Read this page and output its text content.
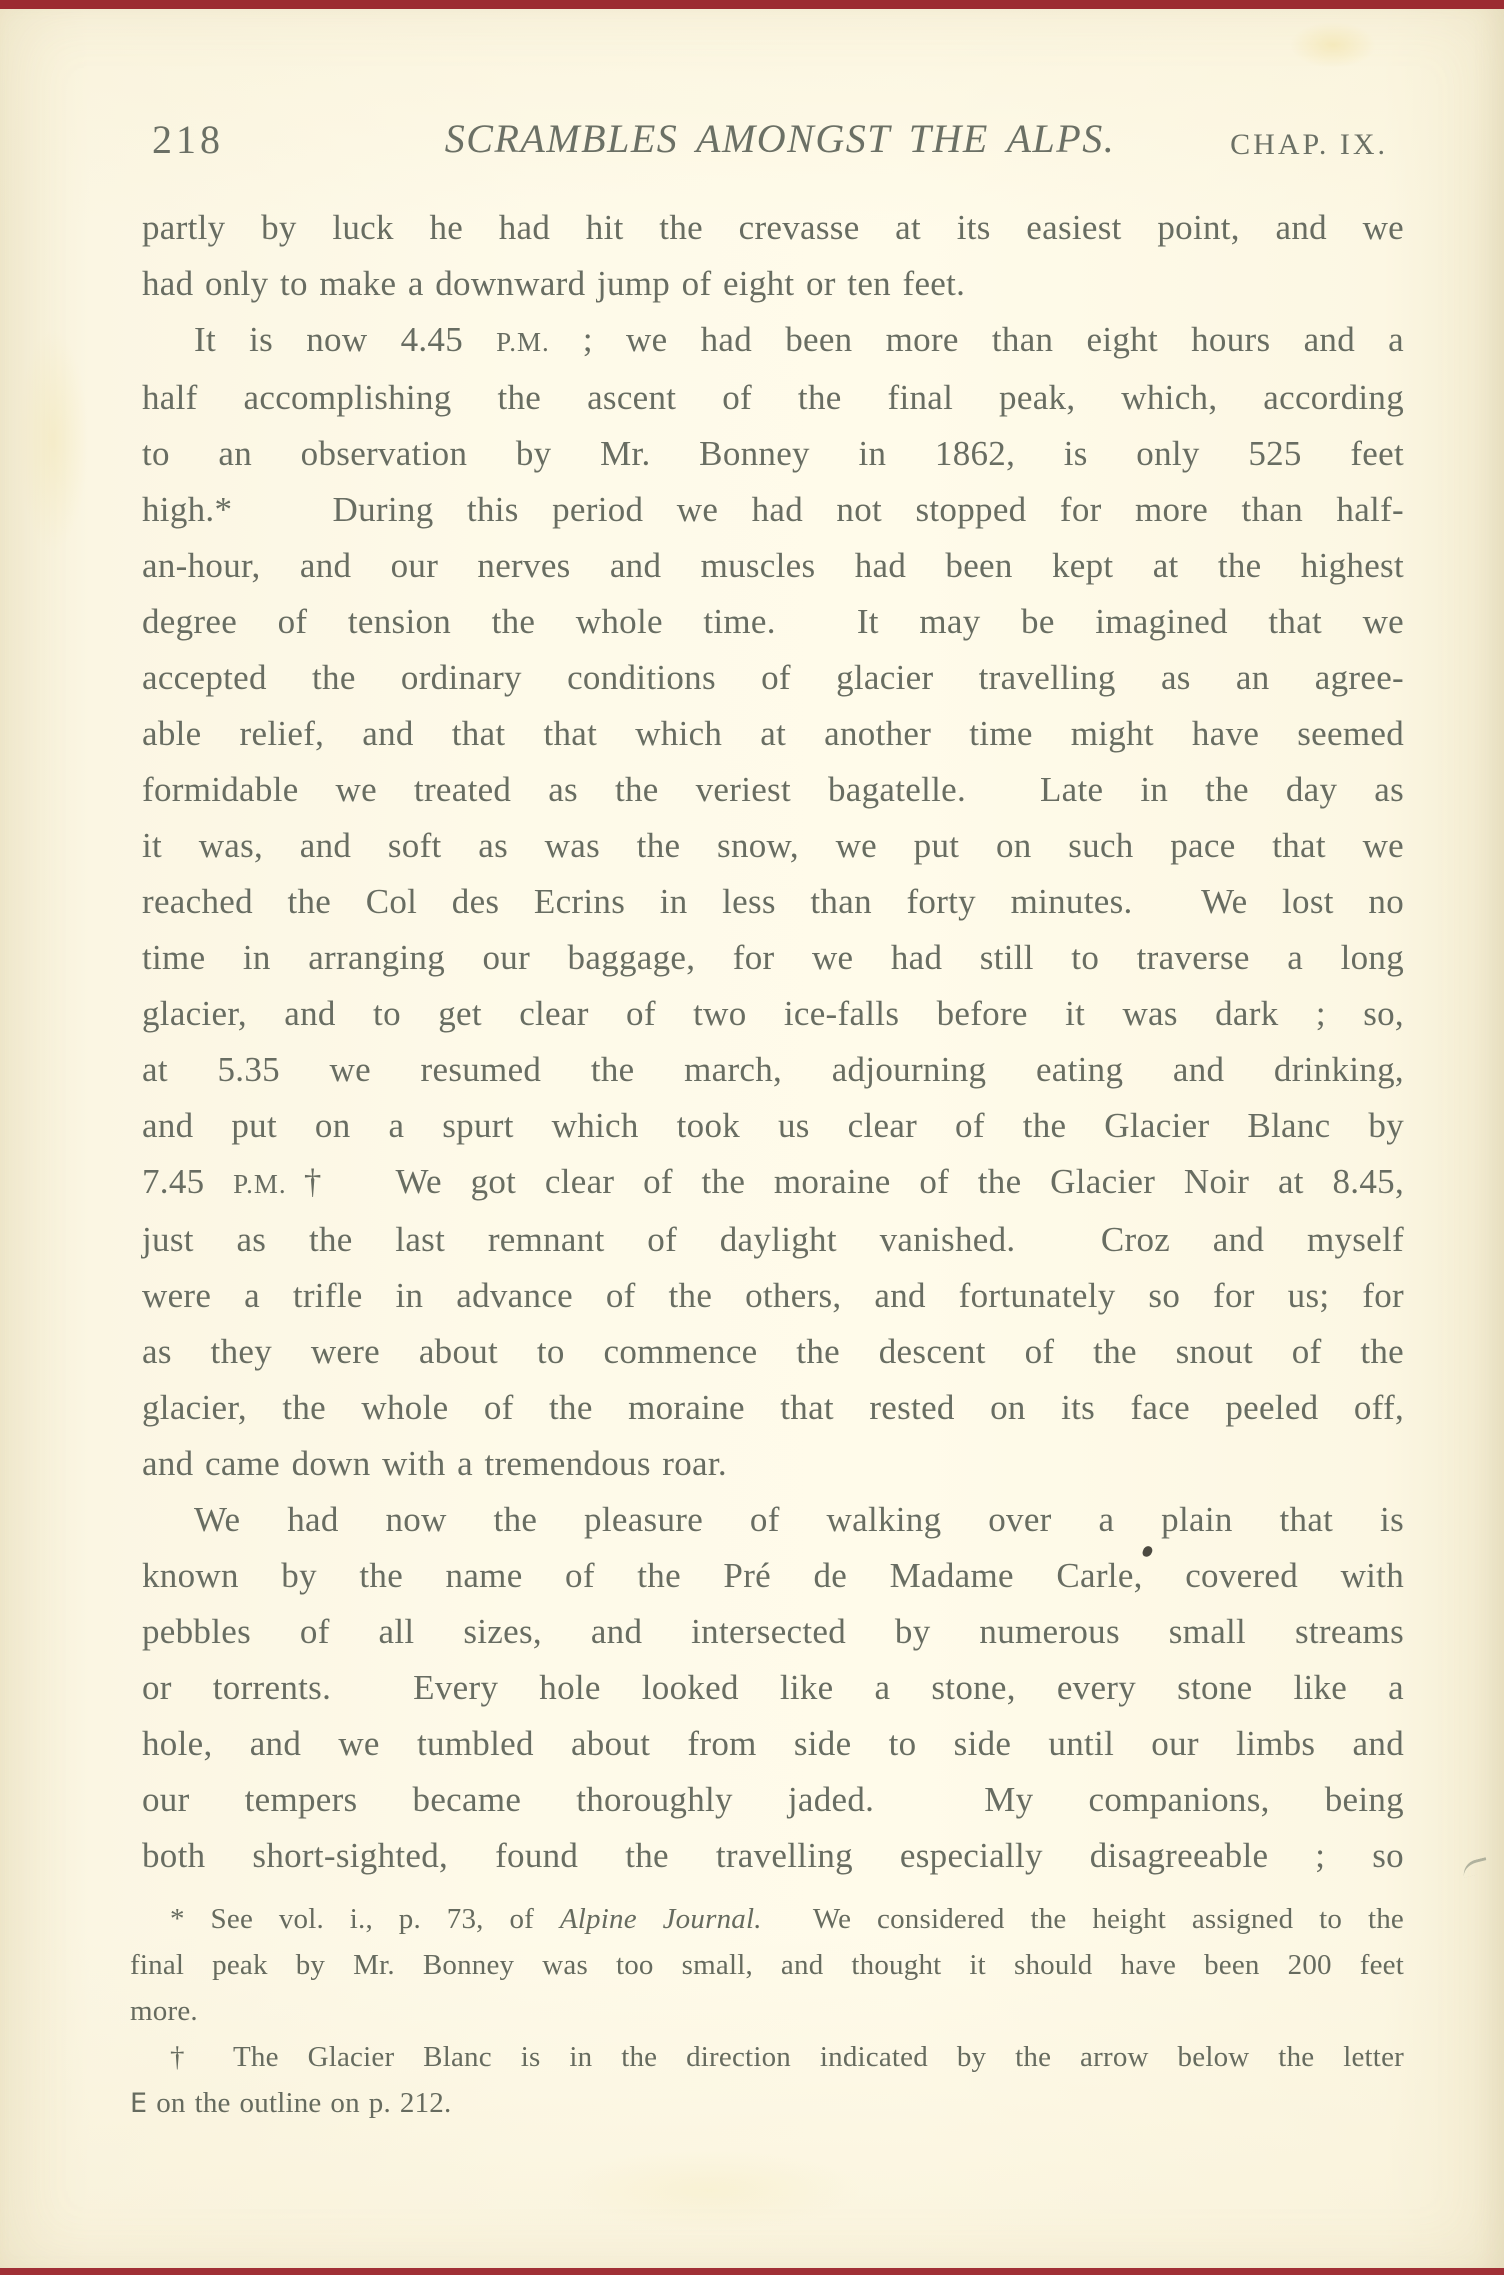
218	SCRAMBLES AMONGST THE ALPS.	CHAP. IX.
partly by luck he had hit the crevasse at its easiest point, and we
had only to make a downward jump of eight or ten feet.
It is now 4.45 P.M. ; we had been more than eight hours and a
half accomplishing the ascent of the final peak, which, according
to an observation by Mr. Bonney in 1862, is only 525 feet
high.*   During this period we had not stopped for more than half-
an-hour, and our nerves and muscles had been kept at the highest
degree of tension the whole time.  It may be imagined that we
accepted the ordinary conditions of glacier travelling as an agree-
able relief, and that that which at another time might have seemed
formidable we treated as the veriest bagatelle.  Late in the day as
it was, and soft as was the snow, we put on such pace that we
reached the Col des Ecrins in less than forty minutes.  We lost no
time in arranging our baggage, for we had still to traverse a long
glacier, and to get clear of two ice-falls before it was dark ; so,
at 5.35 we resumed the march, adjourning eating and drinking,
and put on a spurt which took us clear of the Glacier Blanc by
7.45 P.M.†  We got clear of the moraine of the Glacier Noir at 8.45,
just as the last remnant of daylight vanished.  Croz and myself
were a trifle in advance of the others, and fortunately so for us; for
as they were about to commence the descent of the snout of the
glacier, the whole of the moraine that rested on its face peeled off,
and came down with a tremendous roar.
We had now the pleasure of walking over a plain that is
known by the name of the Pré de Madame Carle, covered with
pebbles of all sizes, and intersected by numerous small streams
or torrents.  Every hole looked like a stone, every stone like a
hole, and we tumbled about from side to side until our limbs and
our tempers became thoroughly jaded.  My companions, being
both short-sighted, found the travelling especially disagreeable ; so
* See vol. i., p. 73, of Alpine Journal.  We considered the height assigned to the
final peak by Mr. Bonney was too small, and thought it should have been 200 feet
more.
† The Glacier Blanc is in the direction indicated by the arrow below the letter
E on the outline on p. 212.
